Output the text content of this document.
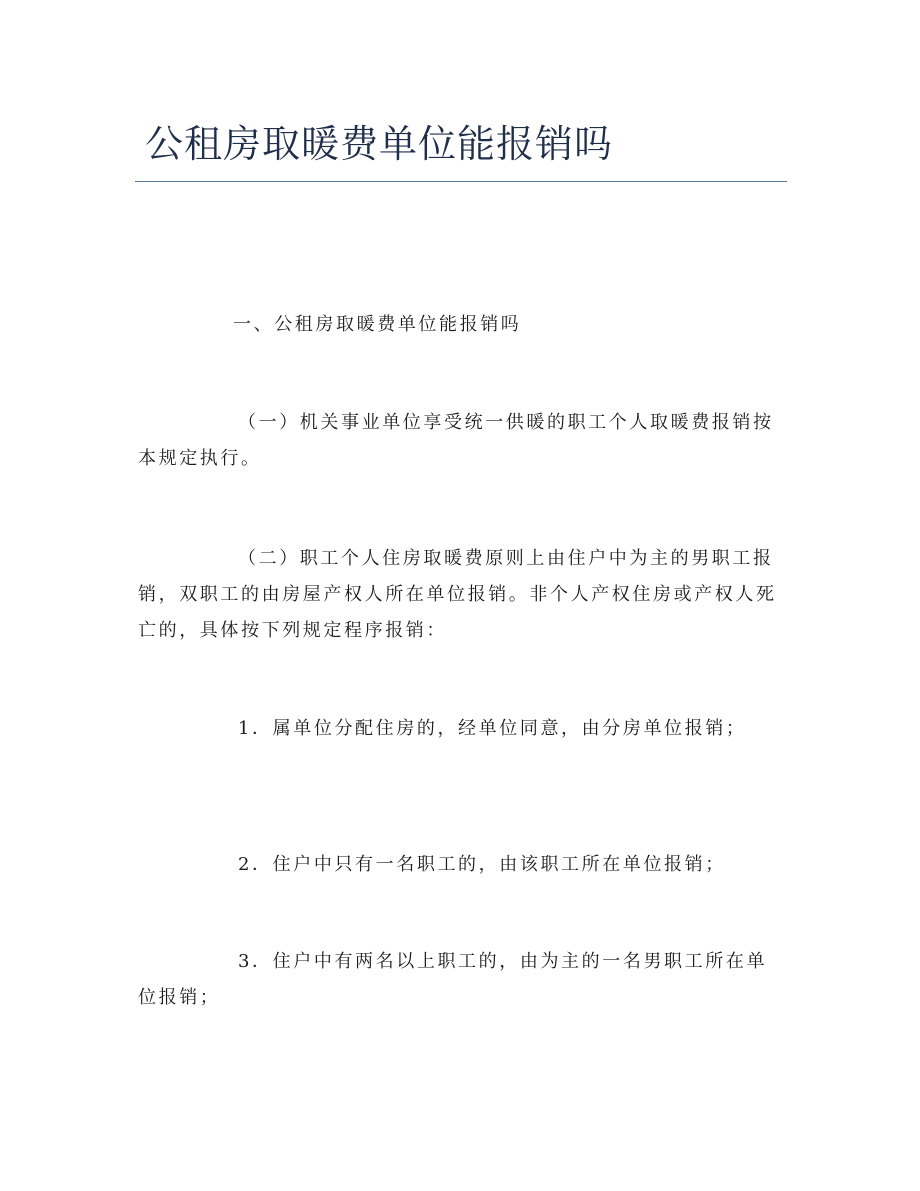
公租房取暖费单位能报销吗

一、公租房取暖费单位能报销吗

（一）机关事业单位享受统一供暖的职工个人取暖费报销按本规定执行。

（二）职工个人住房取暖费原则上由住户中为主的男职工报销，双职工的由房屋产权人所在单位报销。非个人产权住房或产权人死亡的，具体按下列规定程序报销：

1．属单位分配住房的，经单位同意，由分房单位报销；

2．住户中只有一名职工的，由该职工所在单位报销；

3．住户中有两名以上职工的，由为主的一名男职工所在单位报销；
